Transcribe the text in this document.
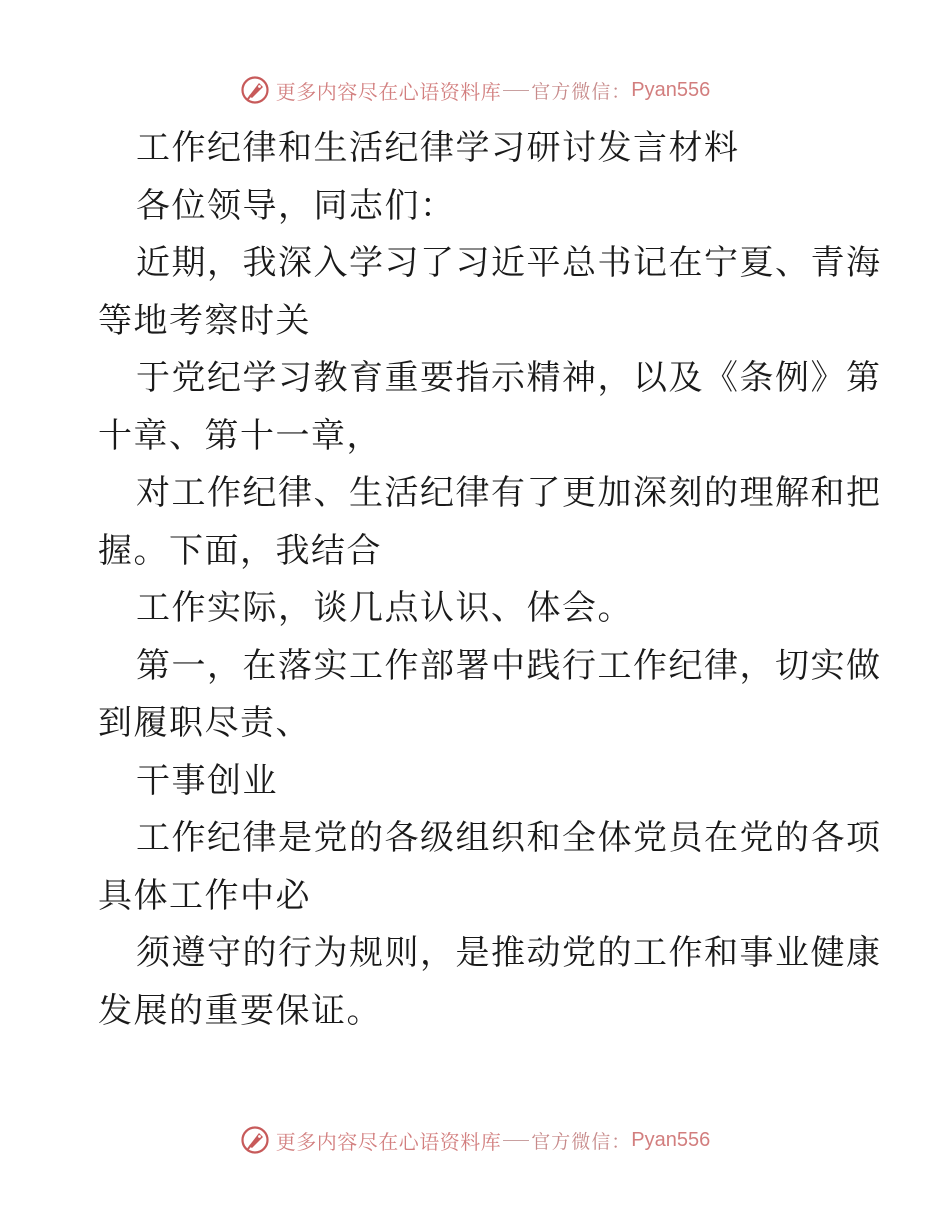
更多内容尽在心语资料库 官方微信： Pyan556
工作纪律和生活纪律学习研讨发言材料
各位领导，同志们：
近期，我深入学习了习近平总书记在宁夏、青海
等地考察时关
于党纪学习教育重要指示精神，以及《条例》第
十章、第十一章，
对工作纪律、生活纪律有了更加深刻的理解和把
握。下面，我结合
工作实际，谈几点认识、体会。
第一，在落实工作部署中践行工作纪律，切实做
到履职尽责、
干事创业
工作纪律是党的各级组织和全体党员在党的各项
具体工作中必
须遵守的行为规则，是推动党的工作和事业健康
发展的重要保证。
更多内容尽在心语资料库 官方微信： Pyan556
